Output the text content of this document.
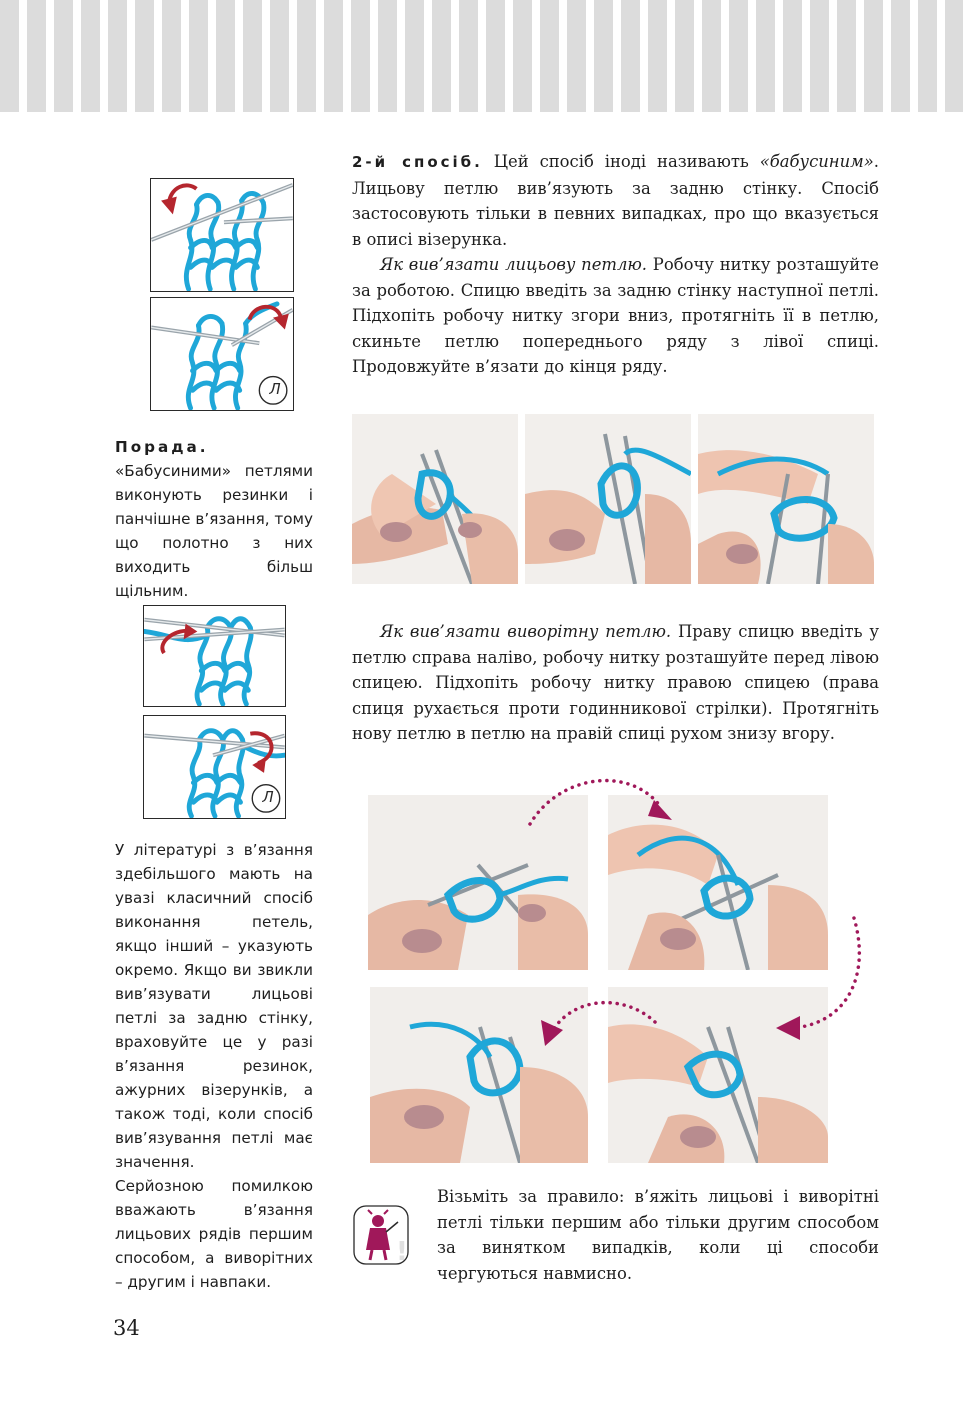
Л

Порада. «Бабусиними» петлями виконують резинки і панчішне в’язання, тому що полотно з них виходить більш щільним.

Л

У літературі з в’язання здебільшого мають на увазі класичний спосіб виконання петель, якщо інший – указують окремо. Якщо ви звикли вив’язувати лицьові петлі за задню стінку, враховуйте це у разі в’язання резинок, ажурних візерунків, а також тоді, коли спосіб вив’язування петлі має значення.

Серйозною помилкою вважають в’язання лицьових рядів першим способом, а виворітних – другим і навпаки.

2-й спосіб. Цей спосіб іноді називають «бабусиним». Лицьову петлю вив’язують за задню стінку. Спосіб застосовують тільки в певних випадках, про що вказується в описі візерунка.

Як вив’язати лицьову петлю. Робочу нитку розташуйте за роботою. Спицю введіть за задню стінку наступної петлі. Підхопіть робочу нитку згори вниз, протягніть її в петлю, скиньте петлю попереднього ряду з лівої спиці. Продовжуйте в’язати до кінця ряду.

Як вив’язати виворітну петлю. Праву спицю введіть у петлю справа наліво, робочу нитку розташуйте перед лівою спицею. Підхопіть робочу нитку правою спицею (права спиця рухається проти годинникової стрілки). Протягніть нову петлю в петлю на правій спиці рухом знизу вгору.

!
Візьміть за правило: в’яжіть лицьові і виворітні петлі тільки першим або тільки другим способом за винятком випадків, коли ці способи чергуються навмисно.
34
